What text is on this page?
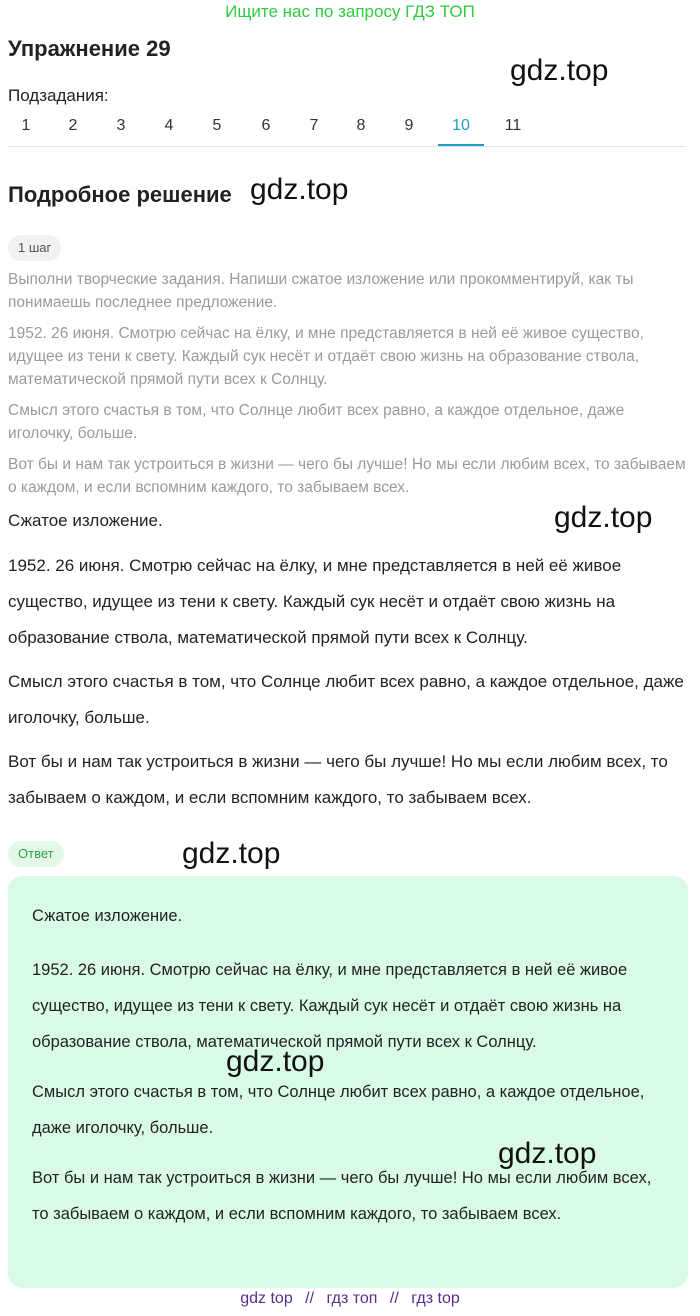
Ищите нас по запросу ГДЗ ТОП
Упражнение 29
gdz.top
Подзадания:
1	2	3	4	5	6	7	8	9	10	11
Подробное решение gdz.top
1 шаг

Выполни творческие задания. Напиши сжатое изложение или прокомментируй, как ты понимаешь последнее предложение.

1952. 26 июня. Смотрю сейчас на ёлку, и мне представляется в ней её живое существо, идущее из тени к свету. Каждый сук несёт и отдаёт свою жизнь на образование ствола, математической прямой пути всех к Солнцу.

Смысл этого счастья в том, что Солнце любит всех равно, а каждое отдельное, даже иголочку, больше.

Вот бы и нам так устроиться в жизни — чего бы лучше! Но мы если любим всех, то забываем о каждом, и если вспомним каждого, то забываем всех.

Сжатое изложение.

1952. 26 июня. Смотрю сейчас на ёлку, и мне представляется в ней её живое существо, идущее из тени к свету. Каждый сук несёт и отдаёт свою жизнь на образование ствола, математической прямой пути всех к Солнцу.

Смысл этого счастья в том, что Солнце любит всех равно, а каждое отдельное, даже иголочку, больше.

Вот бы и нам так устроиться в жизни — чего бы лучше! Но мы если любим всех, то забываем о каждом, и если вспомним каждого, то забываем всех.

gdz.top
Ответ	gdz.top

Сжатое изложение.

1952. 26 июня. Смотрю сейчас на ёлку, и мне представляется в ней её живое существо, идущее из тени к свету. Каждый сук несёт и отдаёт свою жизнь на образование ствола, математической прямой пути всех к Солнцу.

Смысл этого счастья в том, что Солнце любит всех равно, а каждое отдельное, даже иголочку, больше.

Вот бы и нам так устроиться в жизни — чего бы лучше! Но мы если любим всех, то забываем о каждом, и если вспомним каждого, то забываем всех.

gdz.top
gdz.top
gdz top // гдз топ // гдз top
